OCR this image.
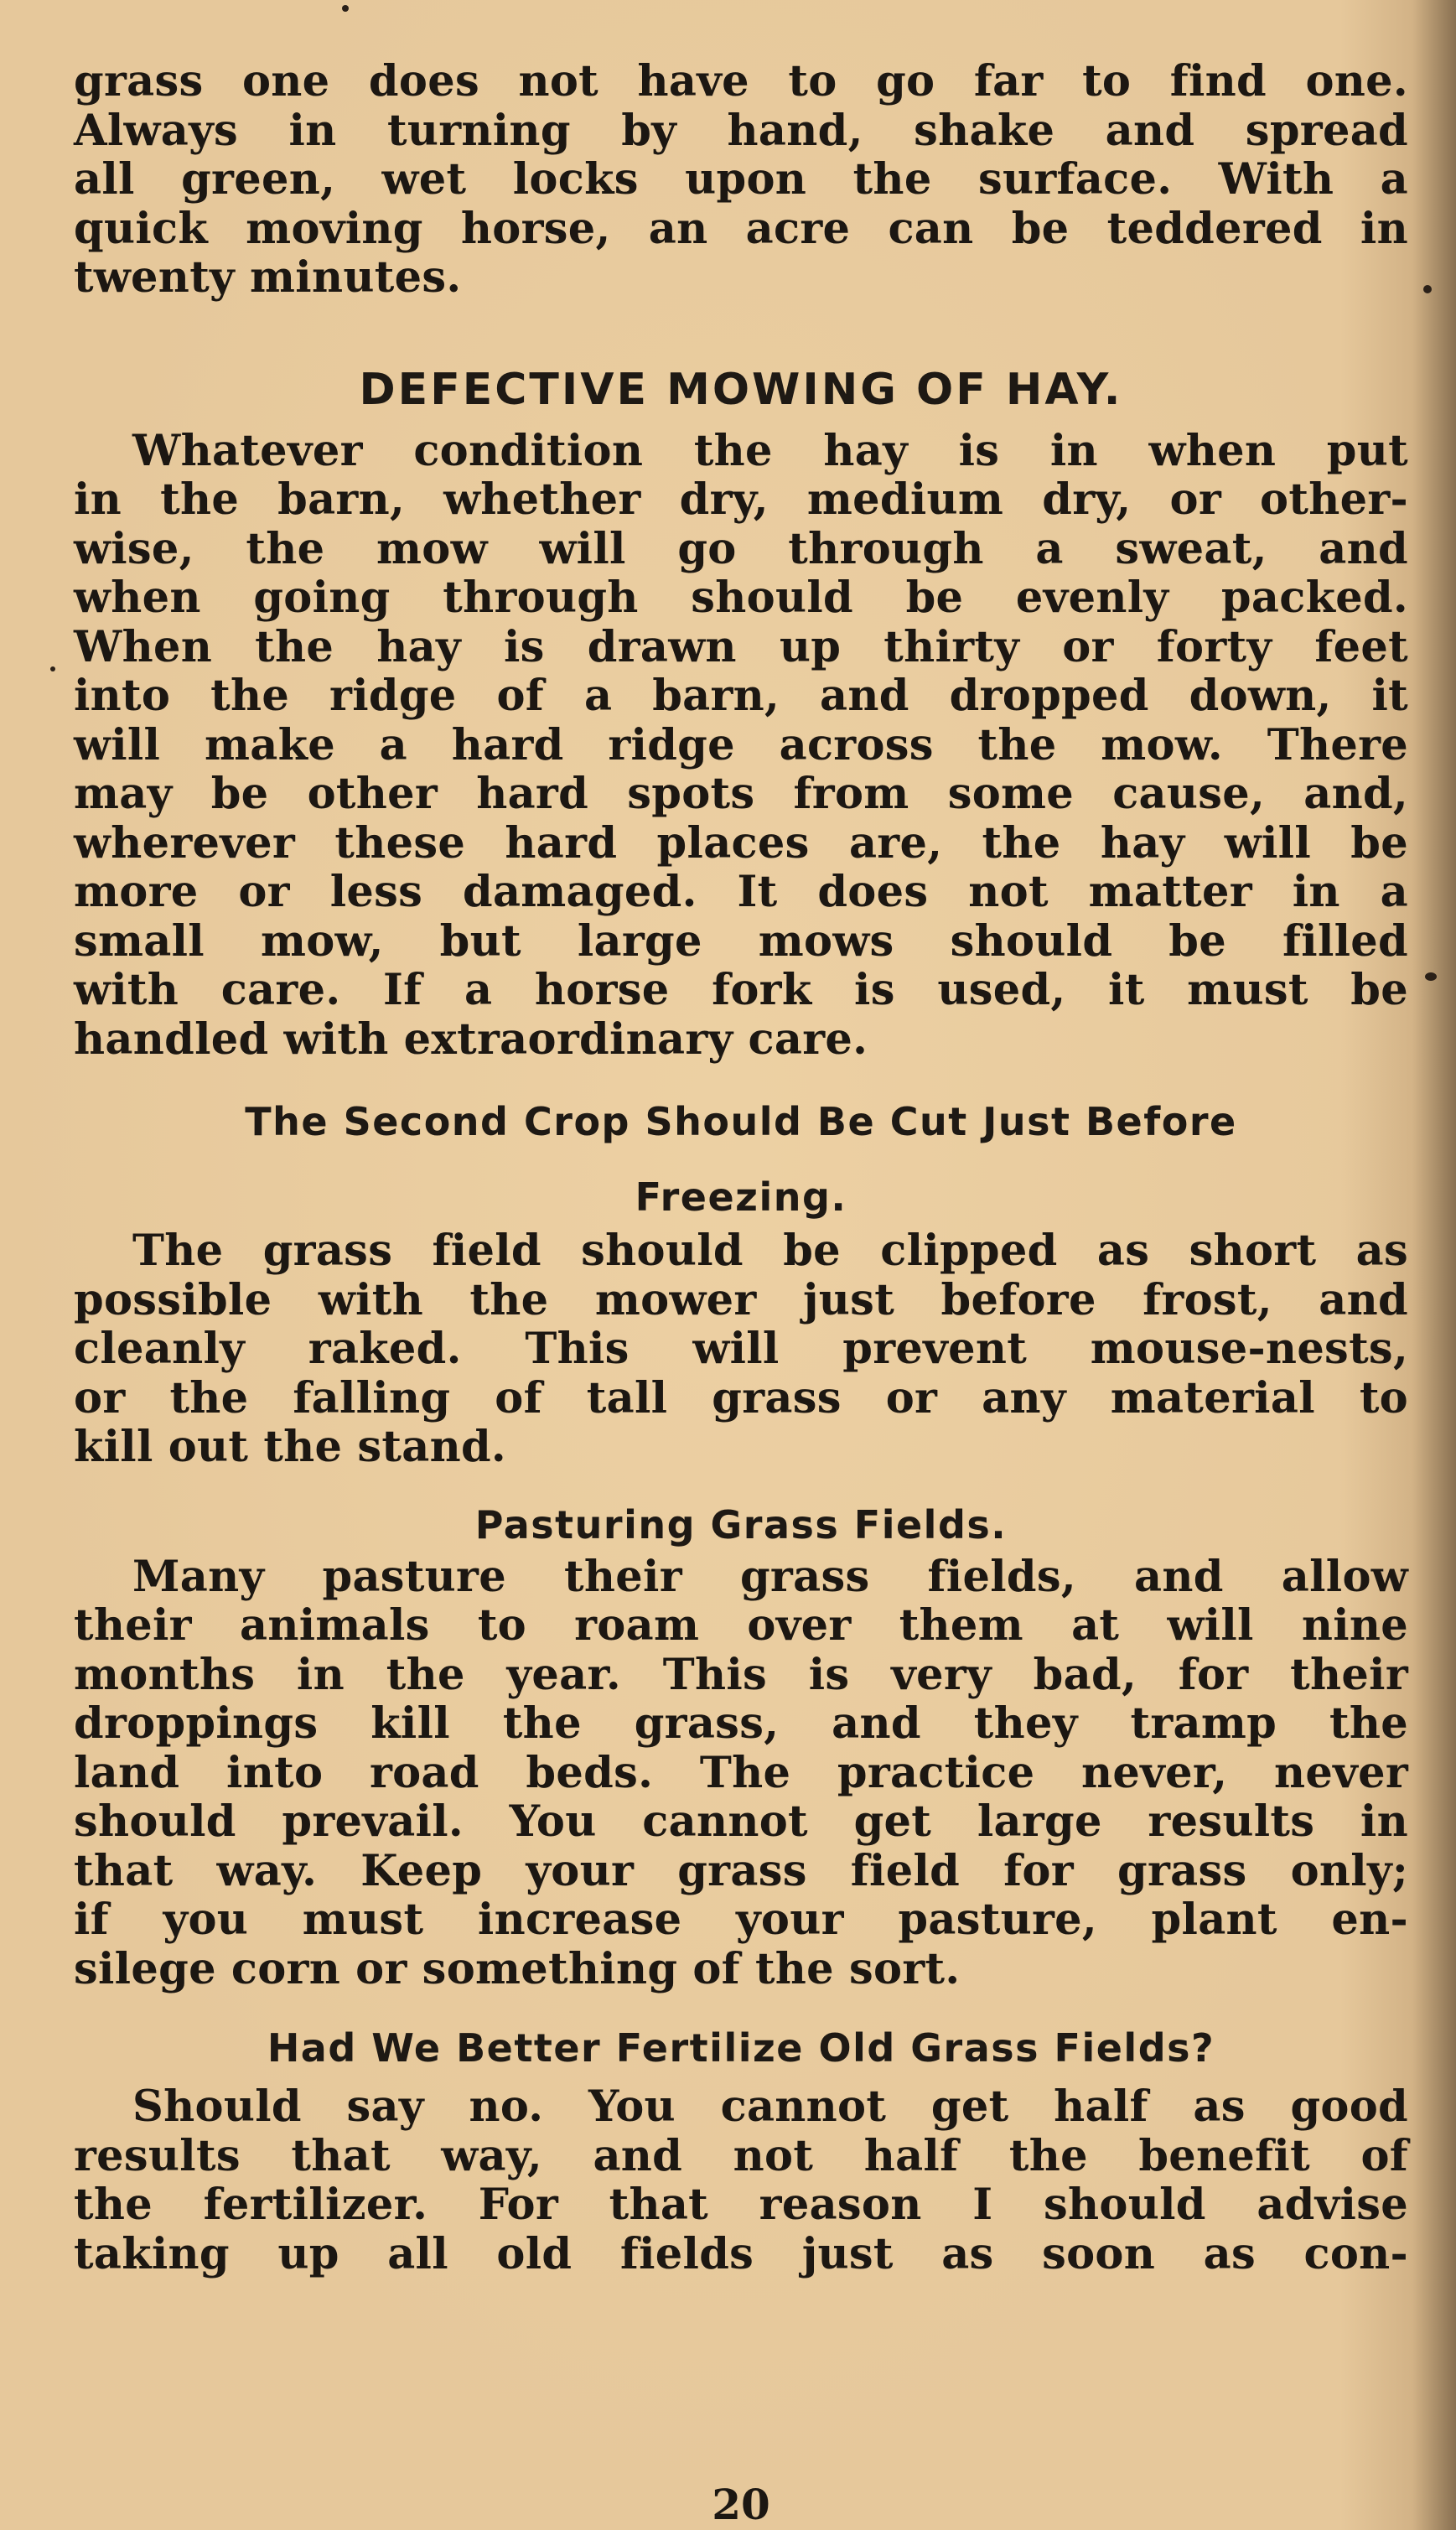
grass one does not have to go far to find one.
Always in turning by hand, shake and spread
all green, wet locks upon the surface. With a
quick moving horse, an acre can be teddered in
twenty minutes.
DEFECTIVE MOWING OF HAY.
Whatever condition the hay is in when put
in the barn, whether dry, medium dry, or other-
wise, the mow will go through a sweat, and
when going through should be evenly packed.
When the hay is drawn up thirty or forty feet
into the ridge of a barn, and dropped down, it
will make a hard ridge across the mow. There
may be other hard spots from some cause, and,
wherever these hard places are, the hay will be
more or less damaged. It does not matter in a
small mow, but large mows should be filled
with care. If a horse fork is used, it must be
handled with extraordinary care.
The Second Crop Should Be Cut Just Before
Freezing.
The grass field should be clipped as short as
possible with the mower just before frost, and
cleanly raked. This will prevent mouse-nests,
or the falling of tall grass or any material to
kill out the stand.
Pasturing Grass Fields.
Many pasture their grass fields, and allow
their animals to roam over them at will nine
months in the year. This is very bad, for their
droppings kill the grass, and they tramp the
land into road beds. The practice never, never
should prevail. You cannot get large results in
that way. Keep your grass field for grass only;
if you must increase your pasture, plant en-
silege corn or something of the sort.
Had We Better Fertilize Old Grass Fields?
Should say no. You cannot get half as good
results that way, and not half the benefit of
the fertilizer. For that reason I should advise
taking up all old fields just as soon as con-
20
